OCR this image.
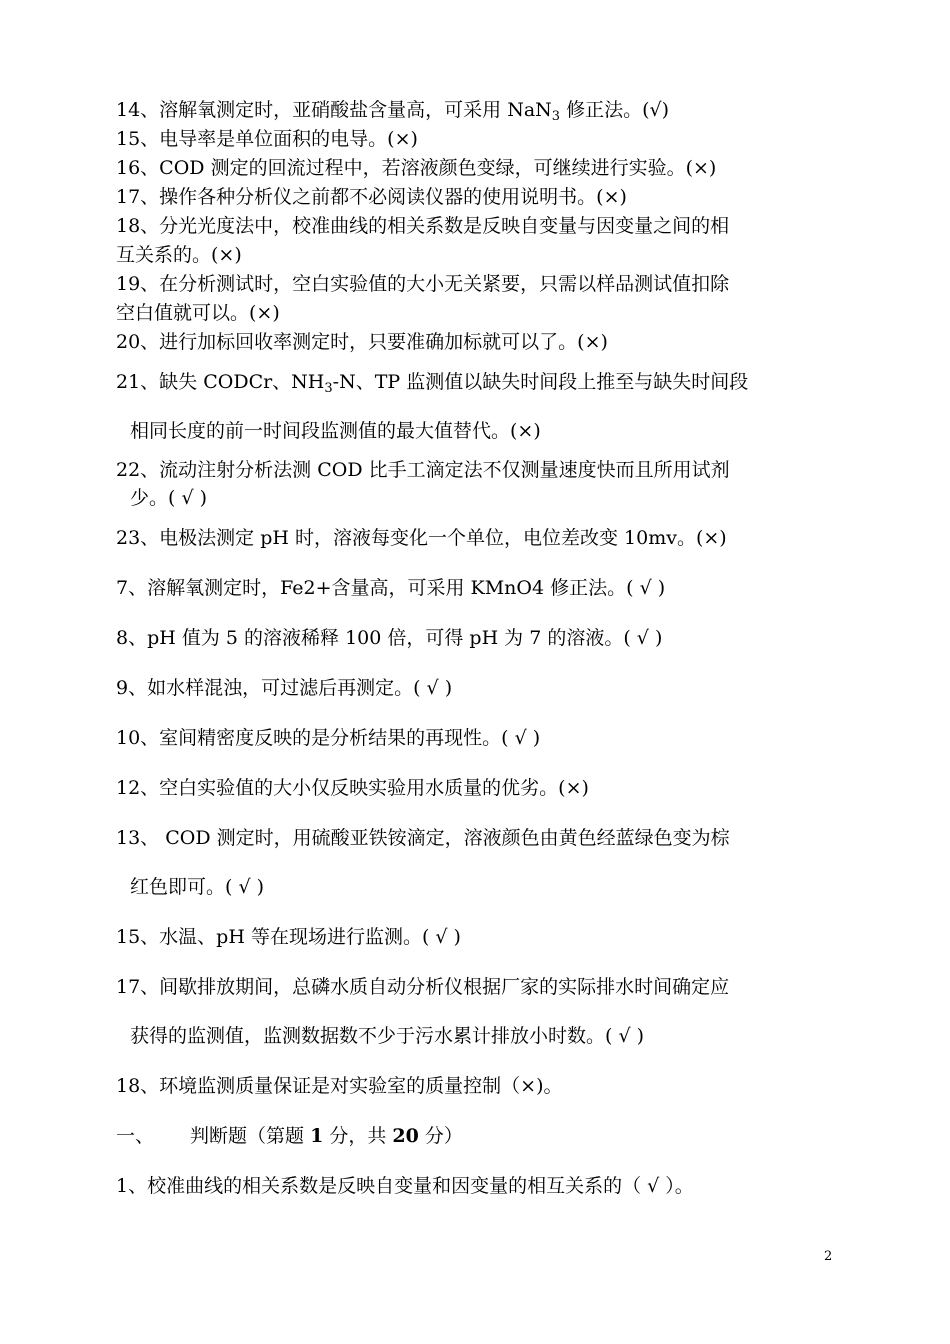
14、溶解氧测定时，亚硝酸盐含量高，可采用 NaN$_3$ 修正法。(√)
15、电导率是单位面积的电导。(×)
16、COD 测定的回流过程中，若溶液颜色变绿，可继续进行实验。(×)
17、操作各种分析仪之前都不必阅读仪器的使用说明书。(×)
18、分光光度法中，校准曲线的相关系数是反映自变量与因变量之间的相
互关系的。(×)
19、在分析测试时，空白实验值的大小无关紧要，只需以样品测试值扣除
空白值就可以。(×)
20、进行加标回收率测定时，只要准确加标就可以了。(×)
21、缺失 CODCr、$NH_3-N$、TP 监测值以缺失时间段上推至与缺失时间段
相同长度的前一时间段监测值的最大值替代。(×)
22、流动注射分析法测 COD 比手工滴定法不仅测量速度快而且所用试剂
少。( √ )
23、电极法测定 pH 时，溶液每变化一个单位，电位差改变 10mv。(×)
7、溶解氧测定时，Fe2+含量高，可采用 KMnO4 修正法。( √ )
8、pH 值为 5 的溶液稀释 100 倍，可得 pH 为 7 的溶液。( √ )
9、如水样混浊，可过滤后再测定。( √ )
10、室间精密度反映的是分析结果的再现性。( √ )
12、空白实验值的大小仅反映实验用水质量的优劣。(×)
13、 COD 测定时，用硫酸亚铁铵滴定，溶液颜色由黄色经蓝绿色变为棕
红色即可。( √ )
15、水温、pH 等在现场进行监测。( √ )
17、间歇排放期间，总磷水质自动分析仪根据厂家的实际排水时间确定应
获得的监测值，监测数据数不少于污水累计排放小时数。( √ )
18、环境监测质量保证是对实验室的质量控制（×)。
一、 判断题（第题 1 分，共 20 分）
1、校准曲线的相关系数是反映自变量和因变量的相互关系的（ √ ）。
2
